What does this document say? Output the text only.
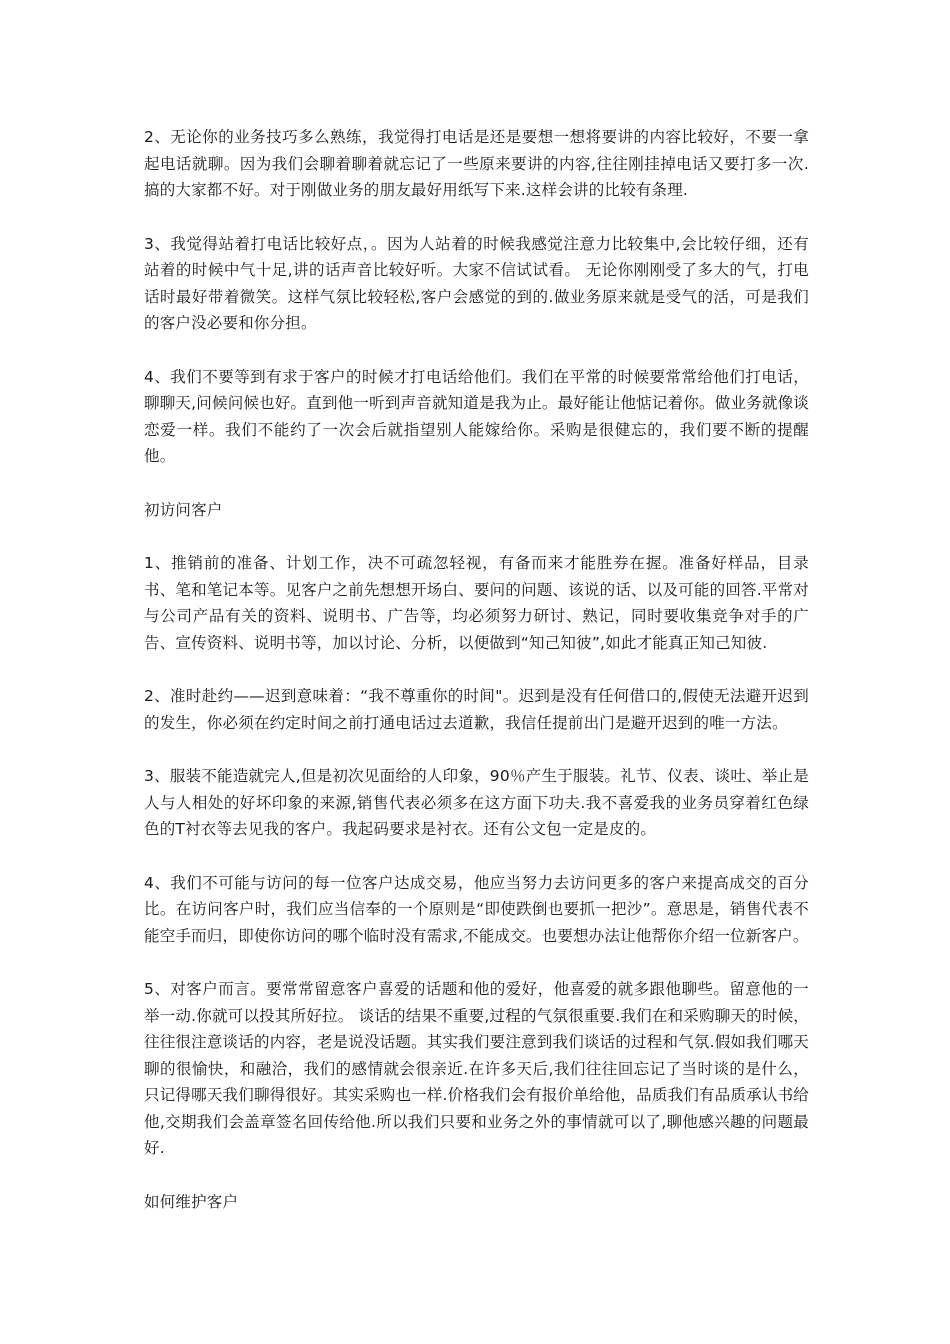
2、无论你的业务技巧多么熟练，我觉得打电话是还是要想一想将要讲的内容比较好，不要一拿起电话就聊。因为我们会聊着聊着就忘记了一些原来要讲的内容,往往刚挂掉电话又要打多一次.搞的大家都不好。对于刚做业务的朋友最好用纸写下来.这样会讲的比较有条理.

3、我觉得站着打电话比较好点，。因为人站着的时候我感觉注意力比较集中,会比较仔细，还有站着的时候中气十足,讲的话声音比较好听。大家不信试试看。 无论你刚刚受了多大的气，打电话时最好带着微笑。这样气氛比较轻松,客户会感觉的到的.做业务原来就是受气的活，可是我们的客户没必要和你分担。

4、我们不要等到有求于客户的时候才打电话给他们。我们在平常的时候要常常给他们打电话，聊聊天,问候问候也好。直到他一听到声音就知道是我为止。最好能让他惦记着你。做业务就像谈恋爱一样。我们不能约了一次会后就指望别人能嫁给你。采购是很健忘的，我们要不断的提醒他。

初访问客户

1、推销前的准备、计划工作，决不可疏忽轻视，有备而来才能胜券在握。准备好样品，目录书、笔和笔记本等。见客户之前先想想开场白、要问的问题、该说的话、以及可能的回答.平常对与公司产品有关的资料、说明书、广告等，均必须努力研讨、熟记，同时要收集竞争对手的广告、宣传资料、说明书等，加以讨论、分析，以便做到“知己知彼”,如此才能真正知己知彼.

2、准时赴约——迟到意味着：“我不尊重你的时间"。迟到是没有任何借口的,假使无法避开迟到的发生，你必须在约定时间之前打通电话过去道歉，我信任提前出门是避开迟到的唯一方法。

3、服装不能造就完人,但是初次见面给的人印象，90％产生于服装。礼节、仪表、谈吐、举止是人与人相处的好坏印象的来源,销售代表必须多在这方面下功夫.我不喜爱我的业务员穿着红色绿色的T衬衣等去见我的客户。我起码要求是衬衣。还有公文包一定是皮的。

4、我们不可能与访问的每一位客户达成交易，他应当努力去访问更多的客户来提高成交的百分比。在访问客户时，我们应当信奉的一个原则是“即使跌倒也要抓一把沙”。意思是，销售代表不能空手而归，即使你访问的哪个临时没有需求,不能成交。也要想办法让他帮你介绍一位新客户。

5、对客户而言。要常常留意客户喜爱的话题和他的爱好，他喜爱的就多跟他聊些。留意他的一举一动.你就可以投其所好拉。 谈话的结果不重要,过程的气氛很重要.我们在和采购聊天的时候，往往很注意谈话的内容，老是说没话题。其实我们要注意到我们谈话的过程和气氛.假如我们哪天聊的很愉快，和融洽，我们的感情就会很亲近.在许多天后,我们往往回忘记了当时谈的是什么，只记得哪天我们聊得很好。其实采购也一样.价格我们会有报价单给他，品质我们有品质承认书给他,交期我们会盖章签名回传给他.所以我们只要和业务之外的事情就可以了,聊他感兴趣的问题最好.

如何维护客户
